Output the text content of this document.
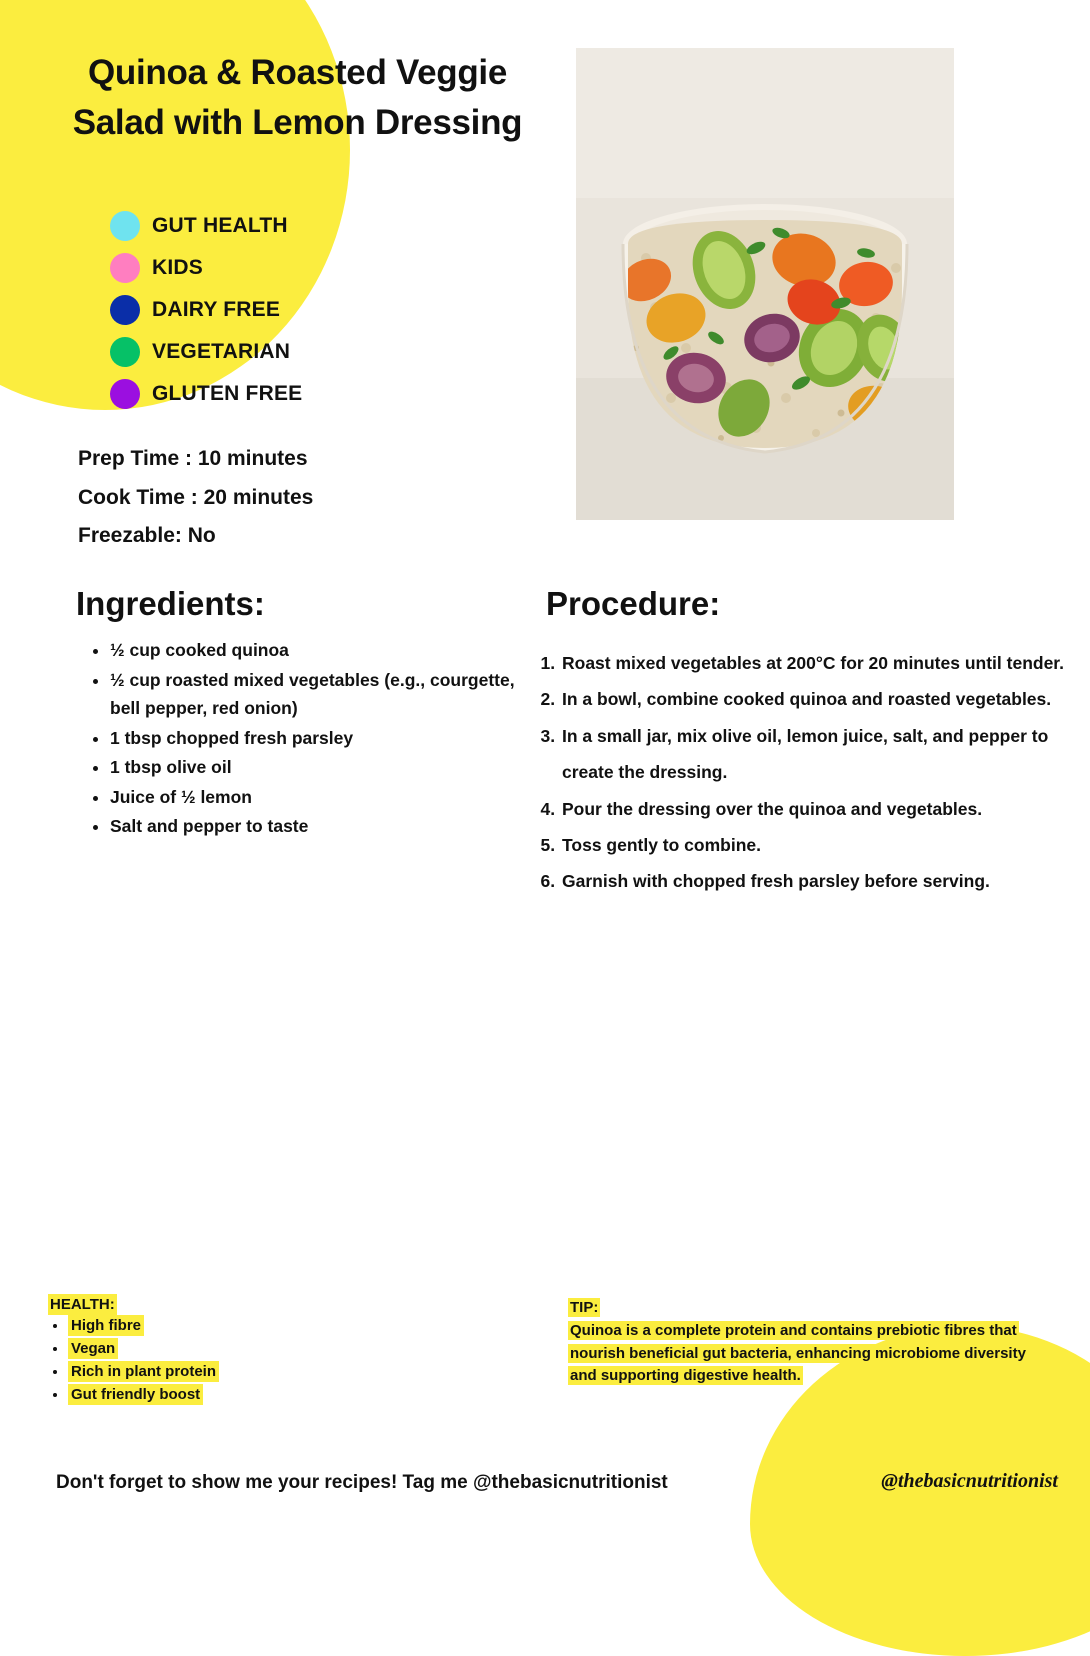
Quinoa & Roasted Veggie Salad with Lemon Dressing
GUT HEALTH
KIDS
DAIRY FREE
VEGETARIAN
GLUTEN FREE
Prep Time : 10 minutes
Cook Time : 20 minutes
Freezable: No
Ingredients:
• ½ cup cooked quinoa
• ½ cup roasted mixed vegetables (e.g., courgette, bell pepper, red onion)
• 1 tbsp chopped fresh parsley
• 1 tbsp olive oil
• Juice of ½ lemon
• Salt and pepper to taste
Procedure:
1. Roast mixed vegetables at 200°C for 20 minutes until tender.
2. In a bowl, combine cooked quinoa and roasted vegetables.
3. In a small jar, mix olive oil, lemon juice, salt, and pepper to create the dressing.
4. Pour the dressing over the quinoa and vegetables.
5. Toss gently to combine.
6. Garnish with chopped fresh parsley before serving.
HEALTH:
• High fibre
• Vegan
• Rich in plant protein
• Gut friendly boost
TIP:
Quinoa is a complete protein and contains prebiotic fibres that nourish beneficial gut bacteria, enhancing microbiome diversity and supporting digestive health.
Don't forget to show me your recipes! Tag me @thebasicnutritionist	@thebasicnutritionist
